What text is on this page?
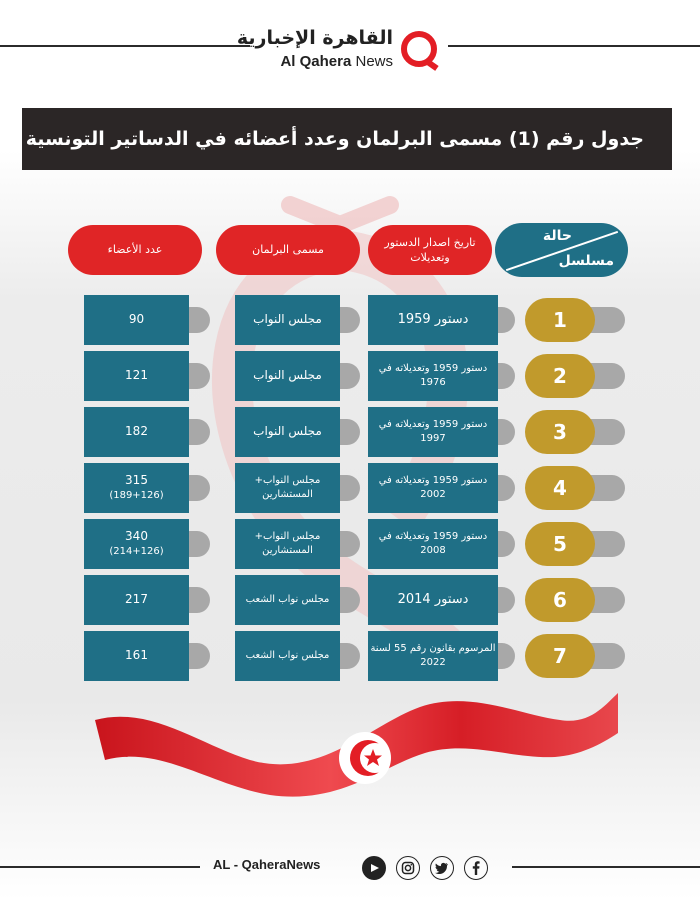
القاهرة الإخبارية
Al Qahera News
جدول رقم (1) مسمى البرلمان وعدد أعضائه في الدساتير التونسية
عدد الأعضاء	مسمى البرلمان
تاريخ اصدار الدستور وتعديلات
حالة
مسلسل
1
دستور 1959
مجلس النواب
90
2
دستور 1959 وتعديلاته في 1976
مجلس النواب
121
3
دستور 1959 وتعديلاته في 1997
مجلس النواب
182
4
دستور 1959 وتعديلاته في 2002
مجلس النواب+ المستشارين
315
(189+126)
5
دستور 1959 وتعديلاته في 2008
مجلس النواب+ المستشارين
340
(214+126)
6
دستور 2014
مجلس نواب الشعب
217
7
المرسوم بقانون رقم 55 لسنة 2022
مجلس نواب الشعب
161
AL - QaheraNews
